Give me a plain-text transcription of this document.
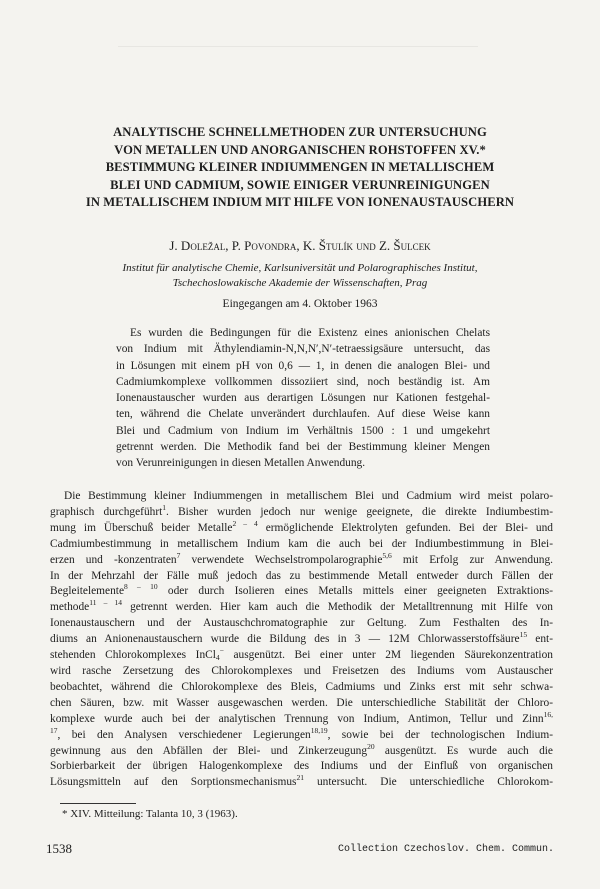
ANALYTISCHE SCHNELLMETHODEN ZUR UNTERSUCHUNG
VON METALLEN UND ANORGANISCHEN ROHSTOFFEN XV.*
BESTIMMUNG KLEINER INDIUMMENGEN IN METALLISCHEM
BLEI UND CADMIUM, SOWIE EINIGER VERUNREINIGUNGEN
IN METALLISCHEM INDIUM MIT HILFE VON IONENAUSTAUSCHERN
J. Doležal, P. Povondra, K. Štulík und Z. Šulcek
Institut für analytische Chemie, Karlsuniversität und Polarographisches Institut,
Tschechoslowakische Akademie der Wissenschaften, Prag
Eingegangen am 4. Oktober 1963
Es wurden die Bedingungen für die Existenz eines anionischen Chelats
von Indium mit Äthylendiamin-N,N,N′,N′-tetraessigsäure untersucht, das
in Lösungen mit einem pH von 0,6 — 1, in denen die analogen Blei- und
Cadmiumkomplexe vollkommen dissoziiert sind, noch beständig ist. Am
Ionenaustauscher wurden aus derartigen Lösungen nur Kationen festgehal-
ten, während die Chelate unverändert durchlaufen. Auf diese Weise kann
Blei und Cadmium von Indium im Verhältnis 1500 : 1 und umgekehrt
getrennt werden. Die Methodik fand bei der Bestimmung kleiner Mengen
von Verunreinigungen in diesen Metallen Anwendung.
Die Bestimmung kleiner Indiummengen in metallischem Blei und Cadmium wird meist polaro-
graphisch durchgeführt$^1$. Bisher wurden jedoch nur wenige geeignete, die direkte Indiumbestim-
mung im Überschuß beider Metalle$^{2 - 4}$ ermöglichende Elektrolyten gefunden. Bei der Blei- und
Cadmiumbestimmung in metallischem Indium kam die auch bei der Indiumbestimmung in Blei-
erzen und -konzentraten$^7$ verwendete Wechselstrompolarographie$^{5,6}$ mit Erfolg zur Anwendung.
In der Mehrzahl der Fälle muß jedoch das zu bestimmende Metall entweder durch Fällen der
Begleitelemente$^{8 - 10}$ oder durch Isolieren eines Metalls mittels einer geeigneten Extraktions-
methode$^{11 - 14}$ getrennt werden. Hier kam auch die Methodik der Metalltrennung mit Hilfe von
Ionenaustauschern und der Austauschchromatographie zur Geltung. Zum Festhalten des In-
diums an Anionenaustauschern wurde die Bildung des in 3 — 12M Chlorwasserstoffsäure$^{15}$ ent-
stehenden Chlorokomplexes InCl$_4$− ausgenützt. Bei einer unter 2M liegenden Säurekonzentration
wird rasche Zersetzung des Chlorokomplexes und Freisetzen des Indiums vom Austauscher
beobachtet, während die Chlorokomplexe des Bleis, Cadmiums und Zinks erst mit sehr schwa-
chen Säuren, bzw. mit Wasser ausgewaschen werden. Die unterschiedliche Stabilität der Chloro-
komplexe wurde auch bei der analytischen Trennung von Indium, Antimon, Tellur und Zinn$^{16,}$
$^{17}$, bei den Analysen verschiedener Legierungen$^{18,19}$, sowie bei der technologischen Indium-
gewinnung aus den Abfällen der Blei- und Zinkerzeugung$^{20}$ ausgenützt. Es wurde auch die
Sorbierbarkeit der übrigen Halogenkomplexe des Indiums und der Einfluß von organischen
Lösungsmitteln auf den Sorptionsmechanismus$^{21}$ untersucht. Die unterschiedliche Chlorokom-
* XIV. Mitteilung: Talanta 10, 3 (1963).
1538	Collection Czechoslov. Chem. Commun.
